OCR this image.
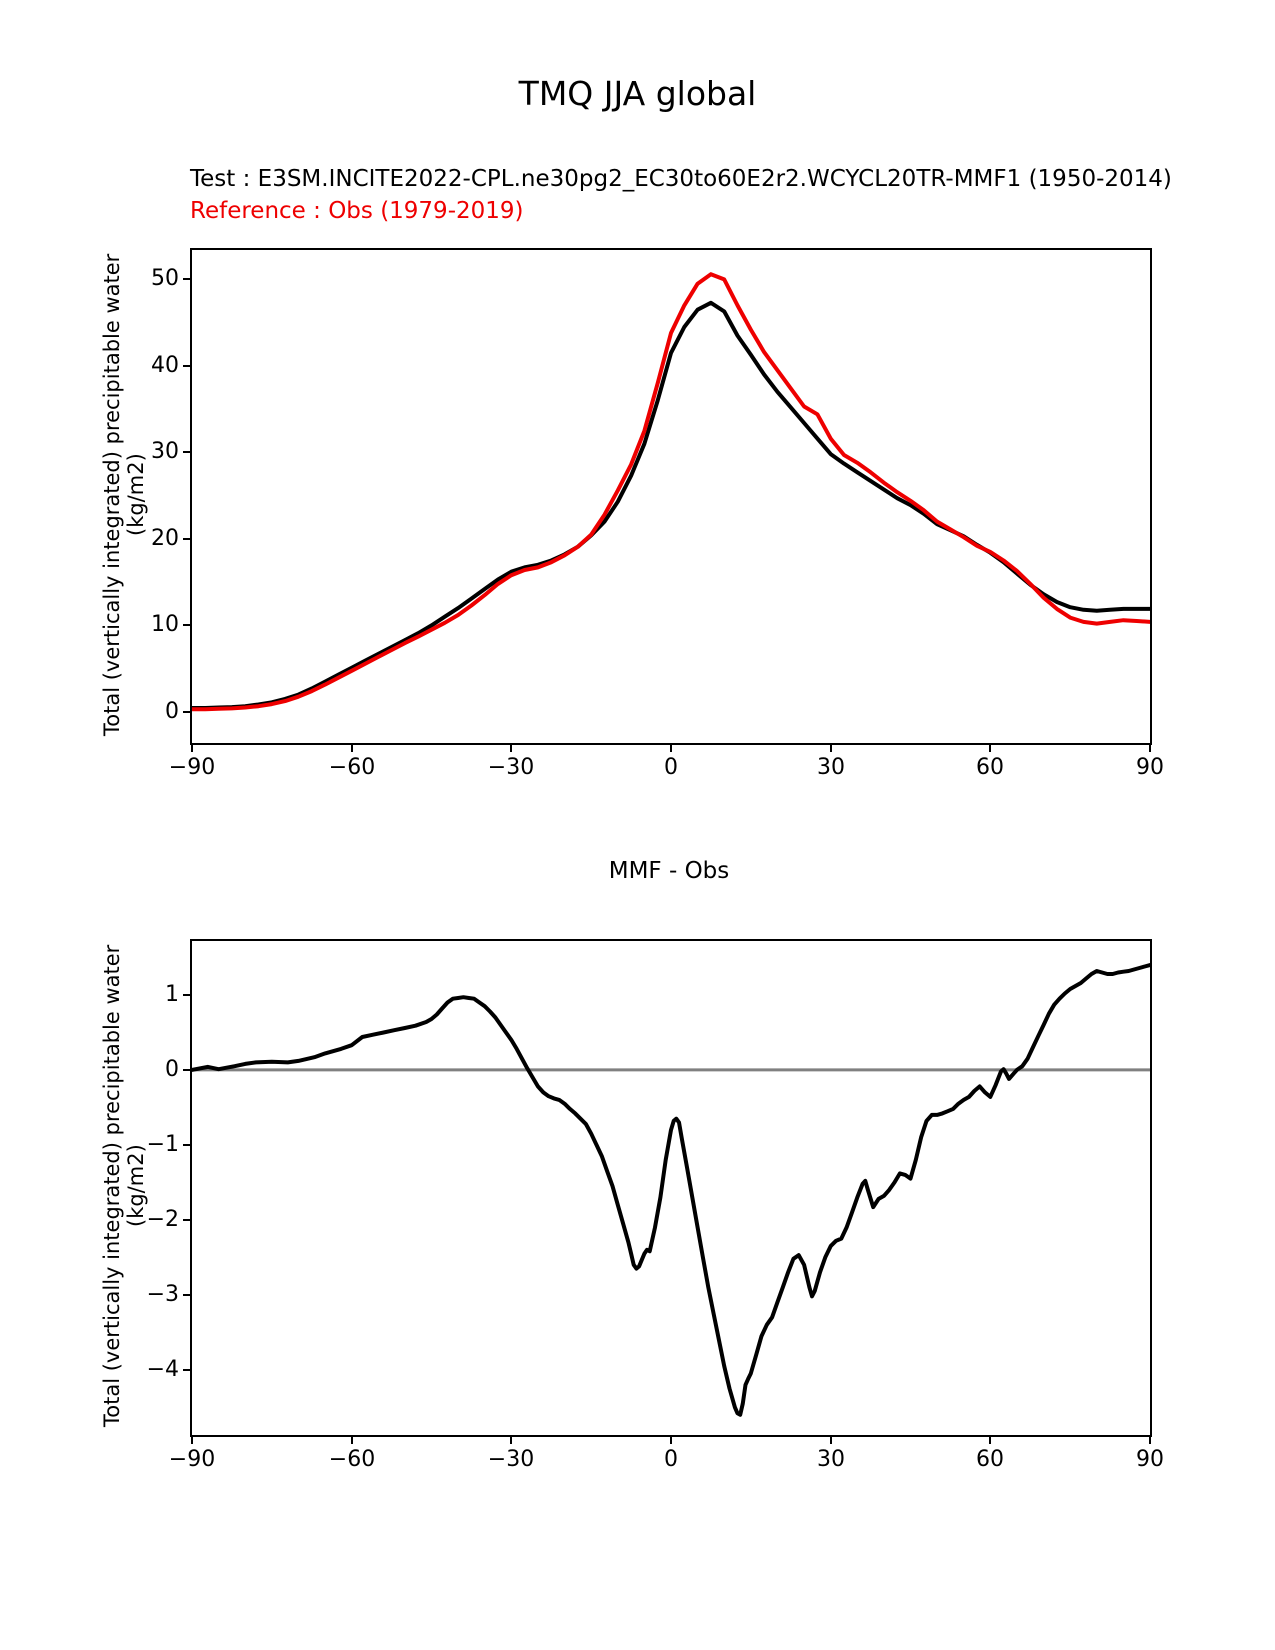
TMQ JJA global
Test : E3SM.INCITE2022-CPL.ne30pg2_EC30to60E2r2.WCYCL20TR-MMF1 (1950-2014)
Reference : Obs (1979-2019)
Total (vertically integrated) precipitable water (kg/m2)
−90	−60	−30	0	30	60	90
0
10
20
30
40
50
MMF - Obs
Total (vertically integrated) precipitable water (kg/m2)
−90	−60	−30	0	30	60	90
−4
−3
−2
−1
0
1
